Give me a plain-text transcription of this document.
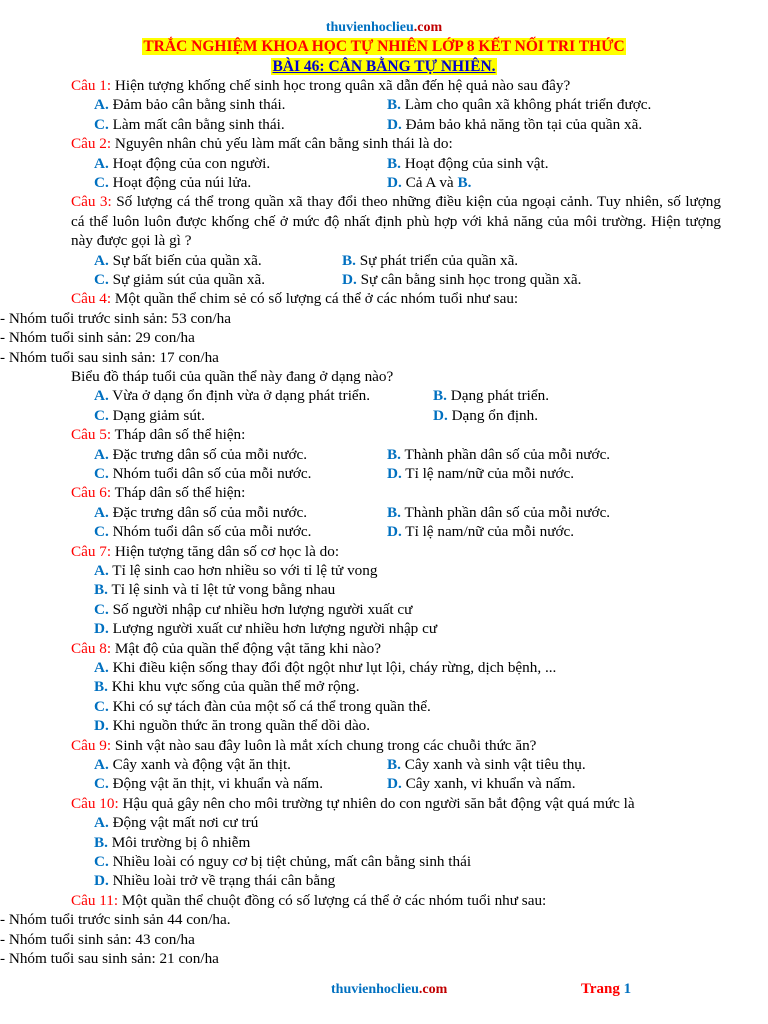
thuvienhoclieu.com
TRẮC NGHIỆM KHOA HỌC TỰ NHIÊN LỚP 8 KẾT NỐI TRI THỨC
BÀI 46: CÂN BẰNG TỰ NHIÊN.

Câu 1: Hiện tượng khống chế sinh học trong quân xã dẫn đến hệ quả nào sau đây?

A. Đảm bảo cân bằng sinh thái.	B. Làm cho quân xã không phát triển được.
C. Làm mất cân bằng sinh thái.	D. Đảm bảo khả năng tồn tại của quần xã.

Câu 2: Nguyên nhân chủ yếu làm mất cân bằng sinh thái là do:

A. Hoạt động của con người.	B. Hoạt động của sinh vật.
C. Hoạt động của núi lửa.	D. Cả A và B.

Câu 3: Số lượng cá thể trong quần xã thay đổi theo những điều kiện của ngoại cảnh. Tuy nhiên, số lượng cá thể luôn luôn được khống chế ở mức độ nhất định phù hợp với khả năng của môi trường. Hiện tượng này được gọi là gì ?

A. Sự bất biến của quần xã.	B. Sự phát triển của quần xã.
C. Sự giảm sút của quần xã.	D. Sự cân bằng sinh học trong quần xã.

Câu 4: Một quần thể chim sẻ có số lượng cá thể ở các nhóm tuổi như sau:

- Nhóm tuổi trước sinh sản: 53 con/ha

- Nhóm tuổi sinh sản: 29 con/ha

- Nhóm tuổi sau sinh sản: 17 con/ha

Biểu đồ tháp tuổi của quần thể này đang ở dạng nào?

A. Vừa ở dạng ổn định vừa ở dạng phát triển.	B. Dạng phát triển.
C. Dạng giảm sút.	D. Dạng ổn định.

Câu 5: Tháp dân số thể hiện:

A. Đặc trưng dân số của mỗi nước.	B. Thành phần dân số của mỗi nước.
C. Nhóm tuổi dân số của mỗi nước.	D. Tỉ lệ nam/nữ của mỗi nước.

Câu 6: Tháp dân số thể hiện:

A. Đặc trưng dân số của mỗi nước.	B. Thành phần dân số của mỗi nước.
C. Nhóm tuổi dân số của mỗi nước.	D. Tỉ lệ nam/nữ của mỗi nước.

Câu 7: Hiện tượng tăng dân số cơ học là do:

A. Tỉ lệ sinh cao hơn nhiều so với tỉ lệ tử vong
B. Tỉ lệ sinh và tỉ lệt tử vong bằng nhau
C. Số người nhập cư nhiều hơn lượng người xuất cư
D. Lượng người xuất cư nhiều hơn lượng người nhập cư

Câu 8: Mật độ của quần thể động vật tăng khi nào?

A. Khi điều kiện sống thay đổi đột ngột như lụt lội, cháy rừng, dịch bệnh, ...
B. Khi khu vực sống của quần thể mở rộng.
C. Khi có sự tách đàn của một số cá thể trong quần thể.
D. Khi nguồn thức ăn trong quần thể dồi dào.

Câu 9: Sinh vật nào sau đây luôn là mắt xích chung trong các chuỗi thức ăn?

A. Cây xanh và động vật ăn thịt.	B. Cây xanh và sinh vật tiêu thụ.
C. Động vật ăn thịt, vi khuẩn và nấm.	D. Cây xanh, vi khuẩn và nấm.

Câu 10: Hậu quả gây nên cho môi trường tự nhiên do con người săn bắt động vật quá mức là

A. Động vật mất nơi cư trú
B. Môi trường bị ô nhiễm
C. Nhiều loài có nguy cơ bị tiệt chủng, mất cân bằng sinh thái
D. Nhiều loài trở về trạng thái cân bằng

Câu 11: Một quần thể chuột đồng có số lượng cá thể ở các nhóm tuổi như sau:

- Nhóm tuổi trước sinh sản 44 con/ha.

- Nhóm tuổi sinh sản: 43 con/ha

- Nhóm tuổi sau sinh sản: 21 con/ha

thuvienhoclieu.com	Trang 1
